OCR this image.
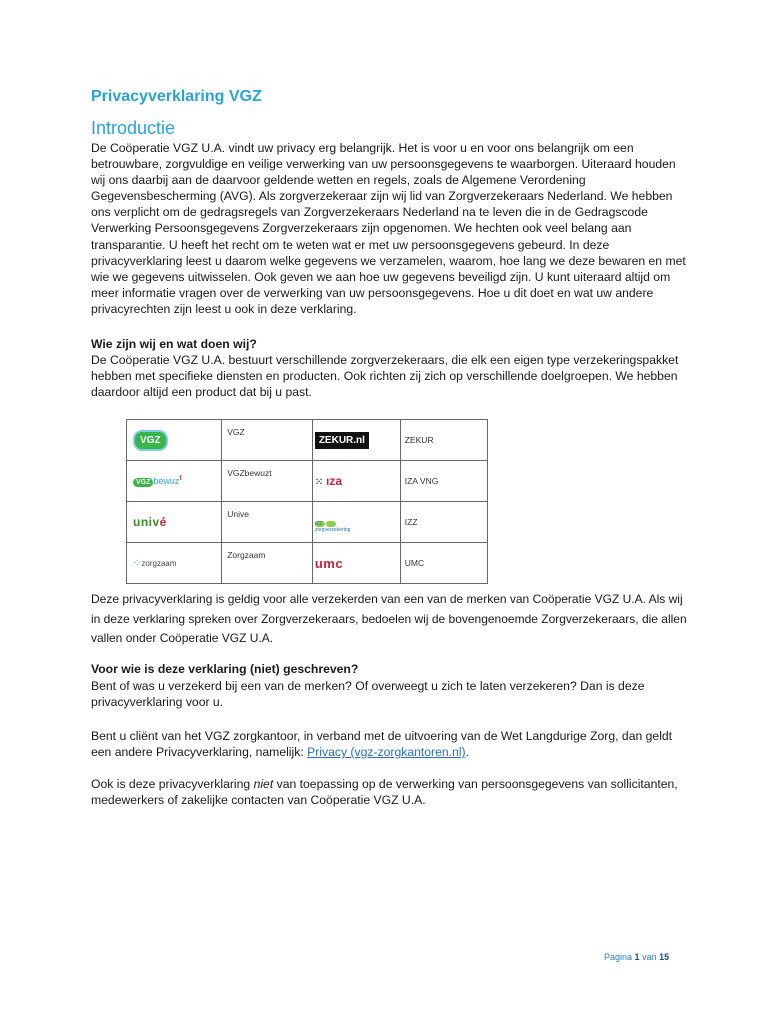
Privacyverklaring VGZ
Introductie
De Coöperatie VGZ U.A. vindt uw privacy erg belangrijk. Het is voor u en voor ons belangrijk om een betrouwbare, zorgvuldige en veilige verwerking van uw persoonsgegevens te waarborgen. Uiteraard houden wij ons daarbij aan de daarvoor geldende wetten en regels, zoals de Algemene Verordening Gegevensbescherming (AVG). Als zorgverzekeraar zijn wij lid van Zorgverzekeraars Nederland. We hebben ons verplicht om de gedragsregels van Zorgverzekeraars Nederland na te leven die in de Gedragscode Verwerking Persoonsgegevens Zorgverzekeraars zijn opgenomen. We hechten ook veel belang aan transparantie. U heeft het recht om te weten wat er met uw persoonsgegevens gebeurd. In deze privacyverklaring leest u daarom welke gegevens we verzamelen, waarom, hoe lang we deze bewaren en met wie we gegevens uitwisselen. Ook geven we aan hoe uw gegevens beveiligd zijn. U kunt uiteraard altijd om meer informatie vragen over de verwerking van uw persoonsgegevens. Hoe u dit doet en wat uw andere privacyrechten zijn leest u ook in deze verklaring.
Wie zijn wij en wat doen wij?
De Coöperatie VGZ U.A. bestuurt verschillende zorgverzekeraars, die elk een eigen type verzekeringspakket hebben met specifieke diensten en producten. Ook richten zij zich op verschillende doelgroepen. We hebben daardoor altijd een product dat bij u past.
VGZ	VGZ	ZEKUR.nl	ZEKUR
VGZ bewuz$^t$	VGZbewuzt	⁙ ıza	IZA VNG
univé	Unive	IZZ zorgverzekering	IZZ
⁘zorgzaam	Zorgzaam	umc	UMC
Deze privacyverklaring is geldig voor alle verzekerden van een van de merken van Coöperatie VGZ U.A. Als wij in deze verklaring spreken over Zorgverzekeraars, bedoelen wij de bovengenoemde Zorgverzekeraars, die allen vallen onder Coöperatie VGZ U.A.
Voor wie is deze verklaring (niet) geschreven?
Bent of was u verzekerd bij een van de merken? Of overweegt u zich te laten verzekeren? Dan is deze privacyverklaring voor u.
Bent u cliënt van het VGZ zorgkantoor, in verband met de uitvoering van de Wet Langdurige Zorg, dan geldt een andere Privacyverklaring, namelijk: Privacy (vgz-zorgkantoren.nl).
Ook is deze privacyverklaring niet van toepassing op de verwerking van persoonsgegevens van sollicitanten, medewerkers of zakelijke contacten van Coöperatie VGZ U.A.
Pagina 1 van 15
